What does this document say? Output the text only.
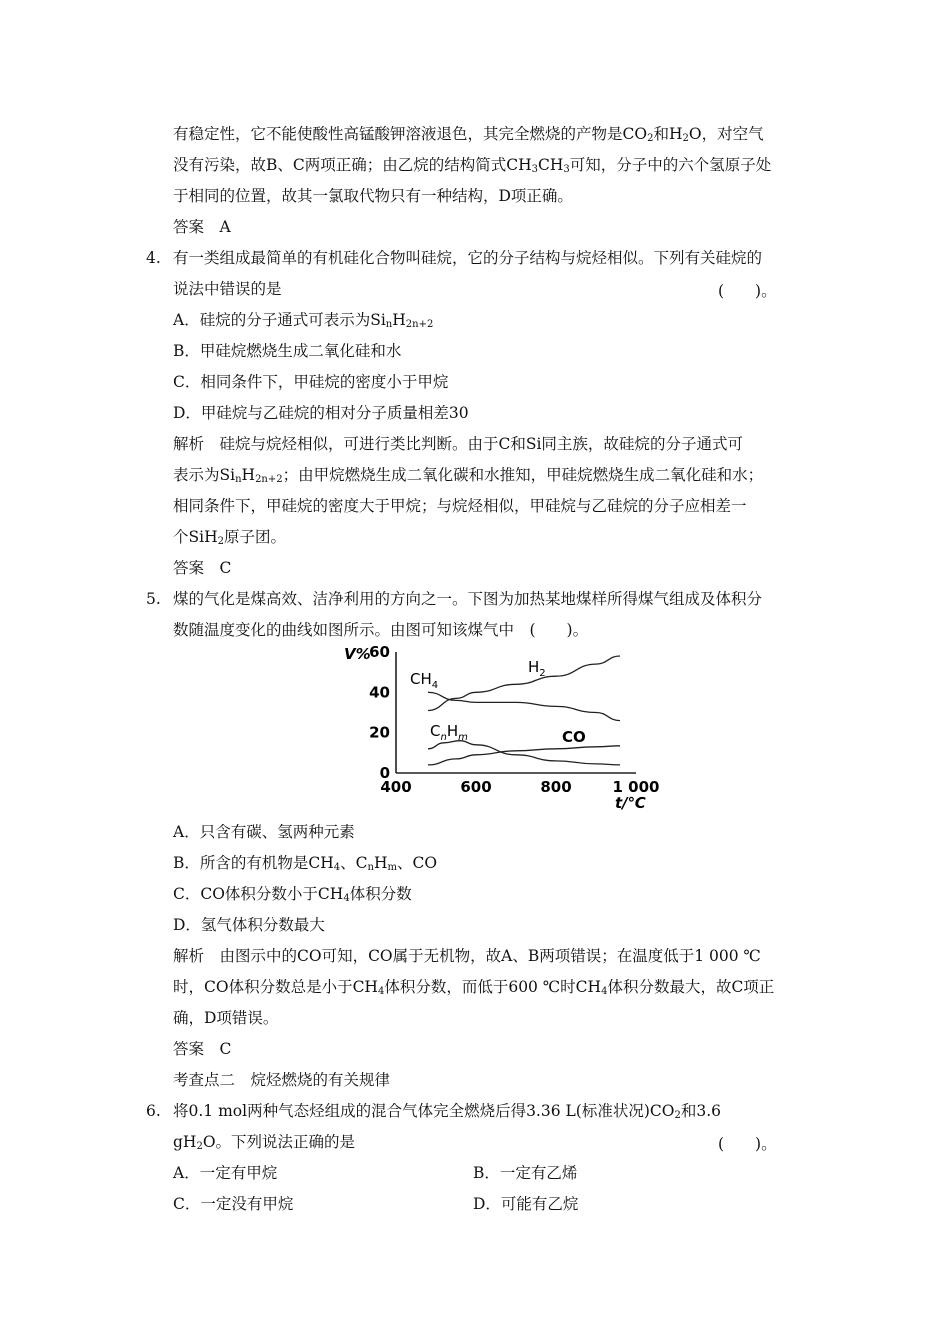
有稳定性，它不能使酸性高锰酸钾溶液退色，其完全燃烧的产物是$CO_2$和$H_2O$，对空气
没有污染，故B、C两项正确；由乙烷的结构简式$CH_3CH_3$可知，分子中的六个氢原子处
于相同的位置，故其一氯取代物只有一种结构，D项正确。
答案　A
4. 有一类组成最简单的有机硅化合物叫硅烷，它的分子结构与烷烃相似。下列有关硅烷的
说法中错误的是	(　　)。
A．硅烷的分子通式可表示为$Si_nH_{2n+2}$
B．甲硅烷燃烧生成二氧化硅和水
C．相同条件下，甲硅烷的密度小于甲烷
D．甲硅烷与乙硅烷的相对分子质量相差30
解析　硅烷与烷烃相似，可进行类比判断。由于C和Si同主族，故硅烷的分子通式可
表示为$Si_nH_{2n+2}$；由甲烷燃烧生成二氧化碳和水推知，甲硅烷燃烧生成二氧化硅和水；
相同条件下，甲硅烷的密度大于甲烷；与烷烃相似，甲硅烷与乙硅烷的分子应相差一
个SiH$_2$原子团。
答案　C
5. 煤的气化是煤高效、洁净利用的方向之一。下图为加热某地煤样所得煤气组成及体积分
数随温度变化的曲线如图所示。由图可知该煤气中　(　　)。
0
20
40
60
400	600	800	1 000
V%
t/℃
$CH_4$
$H_2$
$C_nH_m$	CO
A．只含有碳、氢两种元素
B．所含的有机物是$CH_4$、$C_nH_m$、CO
C．CO体积分数小于$CH_4$体积分数
D．氢气体积分数最大
解析　由图示中的CO可知，CO属于无机物，故A、B两项错误；在温度低于1 000 ℃
时，CO体积分数总是小于$CH_4$体积分数，而低于600 ℃时$CH_4$体积分数最大，故C项正
确，D项错误。
答案　C
考查点二　烷烃燃烧的有关规律
6. 将0.1 mol两种气态烃组成的混合气体完全燃烧后得3.36 L(标准状况)$CO_2$和3.6
$gH_2O$。下列说法正确的是	(　　)。
A．一定有甲烷	B．一定有乙烯
C．一定没有甲烷	D．可能有乙烷
